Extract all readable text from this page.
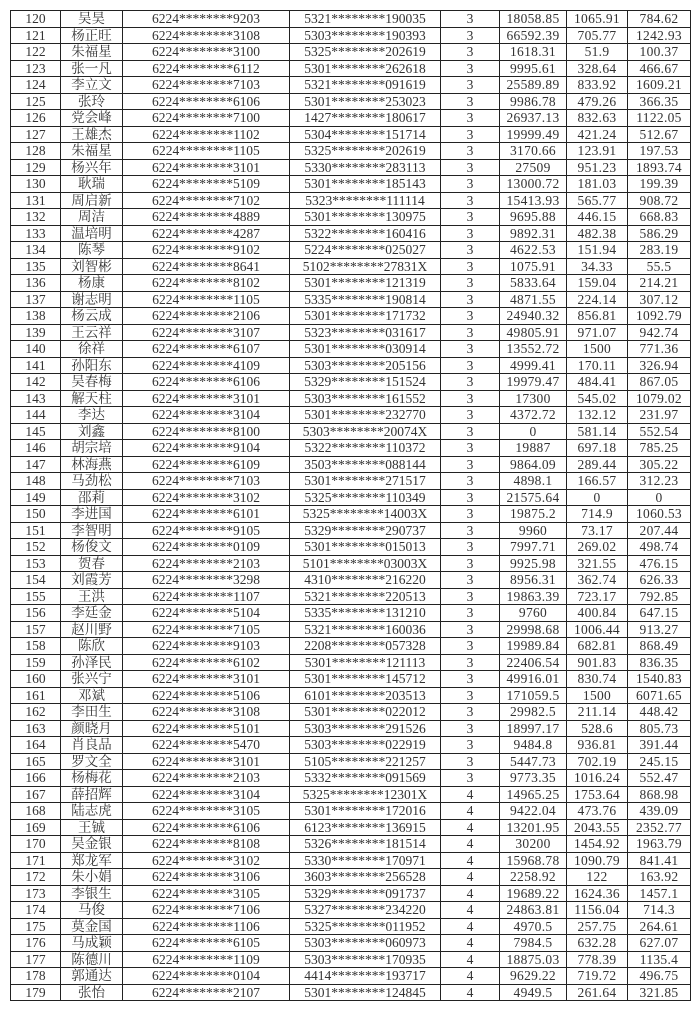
120	吴昊	6224********9203	5321********190035	3	18058.85	1065.91	784.62
121	杨正旺	6224********3108	5303********190393	3	66592.39	705.77	1242.93
122	朱福星	6224********3100	5325********202619	3	1618.31	51.9	100.37
123	张一凡	6224********6112	5301********262618	3	9995.61	328.64	466.67
124	李立文	6224********7103	5321********091619	3	25589.89	833.92	1609.21
125	张玲	6224********6106	5301********253023	3	9986.78	479.26	366.35
126	党会峰	6224********7100	1427********180617	3	26937.13	832.63	1122.05
127	王雄杰	6224********1102	5304********151714	3	19999.49	421.24	512.67
128	朱福星	6224********1105	5325********202619	3	3170.66	123.91	197.53
129	杨兴年	6224********3101	5330********283113	3	27509	951.23	1893.74
130	耿瑞	6224********5109	5301********185143	3	13000.72	181.03	199.39
131	周启新	6224********7102	5323********111114	3	15413.93	565.77	908.72
132	周洁	6224********4889	5301********130975	3	9695.88	446.15	668.83
133	温培明	6224********4287	5322********160416	3	9892.31	482.38	586.29
134	陈琴	6224********9102	5224********025027	3	4622.53	151.94	283.19
135	刘智彬	6224********8641	5102********27831X	3	1075.91	34.33	55.5
136	杨康	6224********8102	5301********121319	3	5833.64	159.04	214.21
137	谢志明	6224********1105	5335********190814	3	4871.55	224.14	307.12
138	杨云成	6224********2106	5301********171732	3	24940.32	856.81	1092.79
139	王云祥	6224********3107	5323********031617	3	49805.91	971.07	942.74
140	徐祥	6224********6107	5301********030914	3	13552.72	1500	771.36
141	孙阳东	6224********4109	5303********205156	3	4999.41	170.11	326.94
142	吴春梅	6224********6106	5329********151524	3	19979.47	484.41	867.05
143	解天柱	6224********3101	5303********161552	3	17300	545.02	1079.02
144	李达	6224********3104	5301********232770	3	4372.72	132.12	231.97
145	刘鑫	6224********8100	5303********20074X	3	0	581.14	552.54
146	胡宗培	6224********9104	5322********110372	3	19887	697.18	785.25
147	林海燕	6224********6109	3503********088144	3	9864.09	289.44	305.22
148	马劲松	6224********7103	5301********271517	3	4898.1	166.57	312.23
149	邵莉	6224********3102	5325********110349	3	21575.64	0	0
150	李进国	6224********6101	5325********14003X	3	19875.2	714.9	1060.53
151	李智明	6224********9105	5329********290737	3	9960	73.17	207.44
152	杨俊文	6224********0109	5301********015013	3	7997.71	269.02	498.74
153	贺春	6224********2103	5101********03003X	3	9925.98	321.55	476.15
154	刘霞芳	6224********3298	4310********216220	3	8956.31	362.74	626.33
155	王洪	6224********1107	5321********220513	3	19863.39	723.17	792.85
156	李廷金	6224********5104	5335********131210	3	9760	400.84	647.15
157	赵川野	6224********7105	5321********160036	3	29998.68	1006.44	913.27
158	陈欣	6224********9103	2208********057328	3	19989.84	682.81	868.49
159	孙泽民	6224********6102	5301********121113	3	22406.54	901.83	836.35
160	张兴宁	6224********3101	5301********145712	3	49916.01	830.74	1540.83
161	邓斌	6224********5106	6101********203513	3	171059.5	1500	6071.65
162	李田生	6224********3108	5301********022012	3	29982.5	211.14	448.42
163	颜晓月	6224********5101	5303********291526	3	18997.17	528.6	805.73
164	肖良品	6224********5470	5303********022919	3	9484.8	936.81	391.44
165	罗文全	6224********3101	5105********221257	3	5447.73	702.19	245.15
166	杨梅花	6224********2103	5332********091569	3	9773.35	1016.24	552.47
167	薛招辉	6224********3104	5325********12301X	4	14965.25	1753.64	868.98
168	陆志虎	6224********3105	5301********172016	4	9422.04	473.76	439.09
169	王铖	6224********6106	6123********136915	4	13201.95	2043.55	2352.77
170	吴金银	6224********8108	5326********181514	4	30200	1454.92	1963.79
171	郑龙军	6224********3102	5330********170971	4	15968.78	1090.79	841.41
172	朱小娟	6224********3106	3603********256528	4	2258.92	122	163.92
173	李银生	6224********3105	5329********091737	4	19689.22	1624.36	1457.1
174	马俊	6224********7106	5327********234220	4	24863.81	1156.04	714.3
175	莫金国	6224********1106	5325********011952	4	4970.5	257.75	264.61
176	马成颖	6224********6105	5303********060973	4	7984.5	632.28	627.07
177	陈德川	6224********1109	5303********170935	4	18875.03	778.39	1135.4
178	郭通达	6224********0104	4414********193717	4	9629.22	719.72	496.75
179	张怡	6224********2107	5301********124845	4	4949.5	261.64	321.85
